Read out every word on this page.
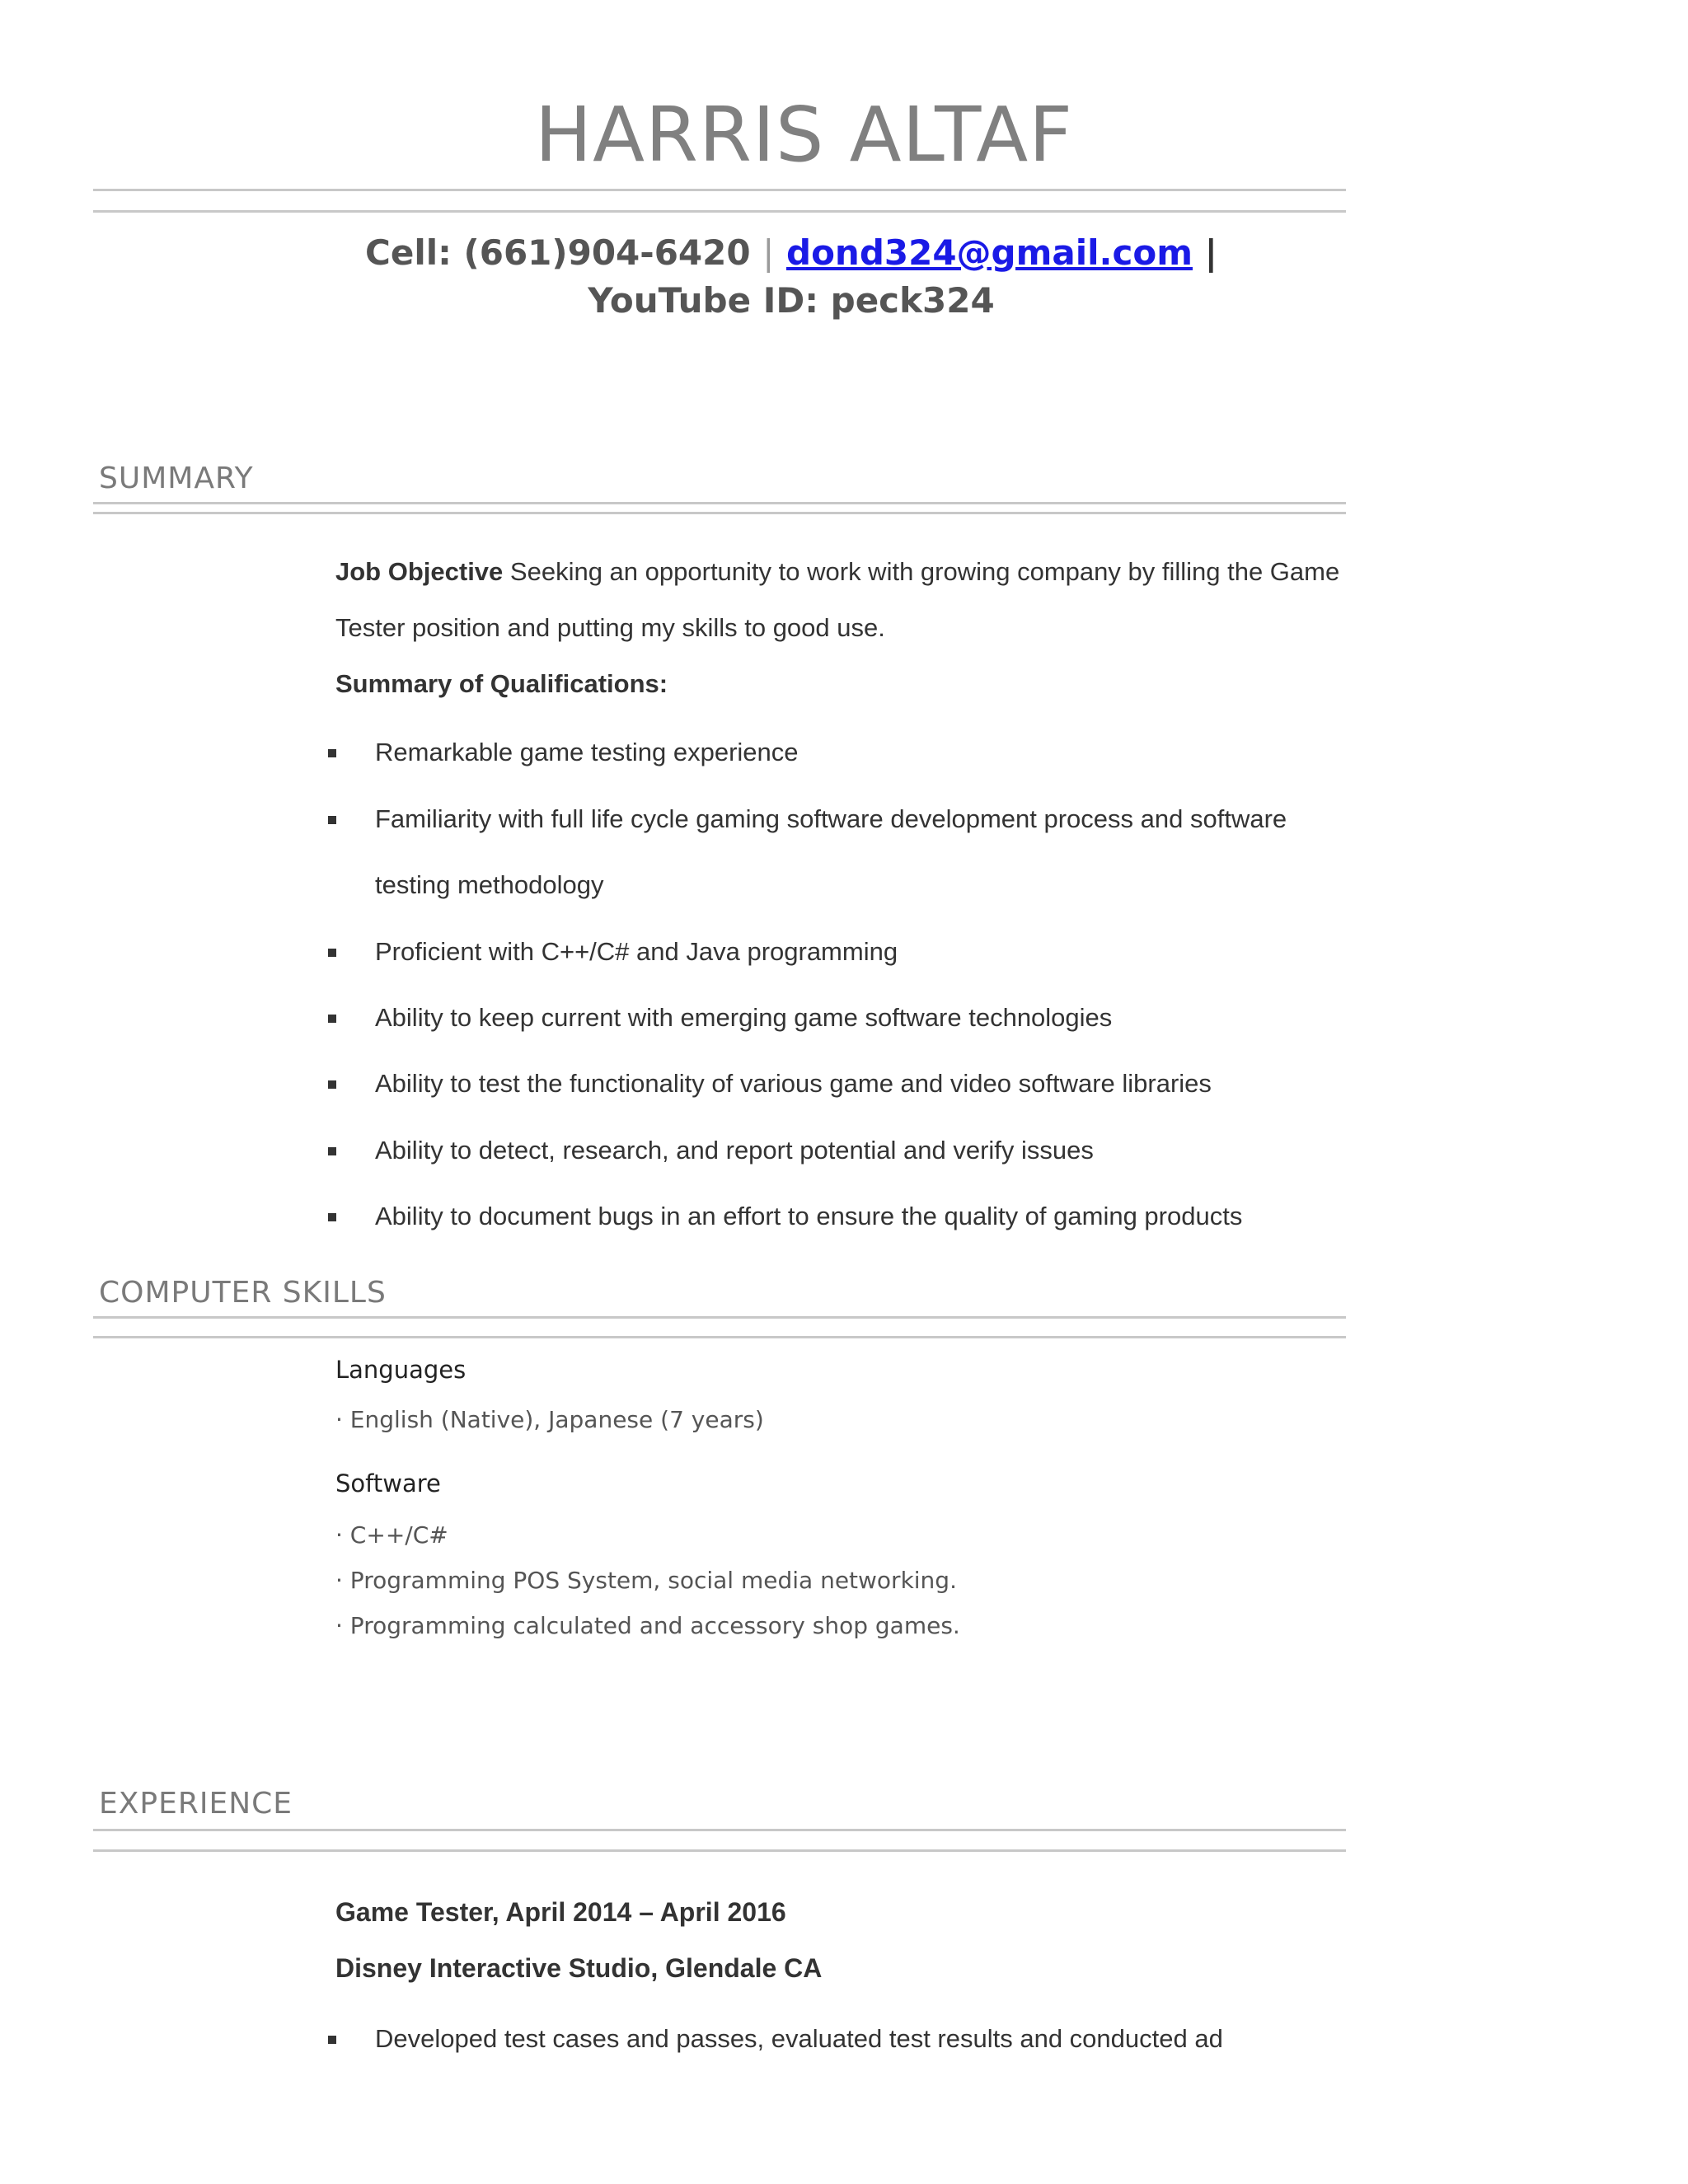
HARRIS ALTAF
Cell: (661)904-6420 | dond324@gmail.com |
YouTube ID: peck324
SUMMARY
Job Objective Seeking an opportunity to work with growing company by filling the Game Tester position and putting my skills to good use.
Summary of Qualifications:
Remarkable game testing experience
Familiarity with full life cycle gaming software development process and software testing methodology
Proficient with C++/C# and Java programming
Ability to keep current with emerging game software technologies
Ability to test the functionality of various game and video software libraries
Ability to detect, research, and report potential and verify issues
Ability to document bugs in an effort to ensure the quality of gaming products
COMPUTER SKILLS
Languages
· English (Native), Japanese (7 years)
Software
· C++/C#
· Programming POS System, social media networking.
· Programming calculated and accessory shop games.
EXPERIENCE
Game Tester, April 2014 – April 2016
Disney Interactive Studio, Glendale CA
Developed test cases and passes, evaluated test results and conducted ad
